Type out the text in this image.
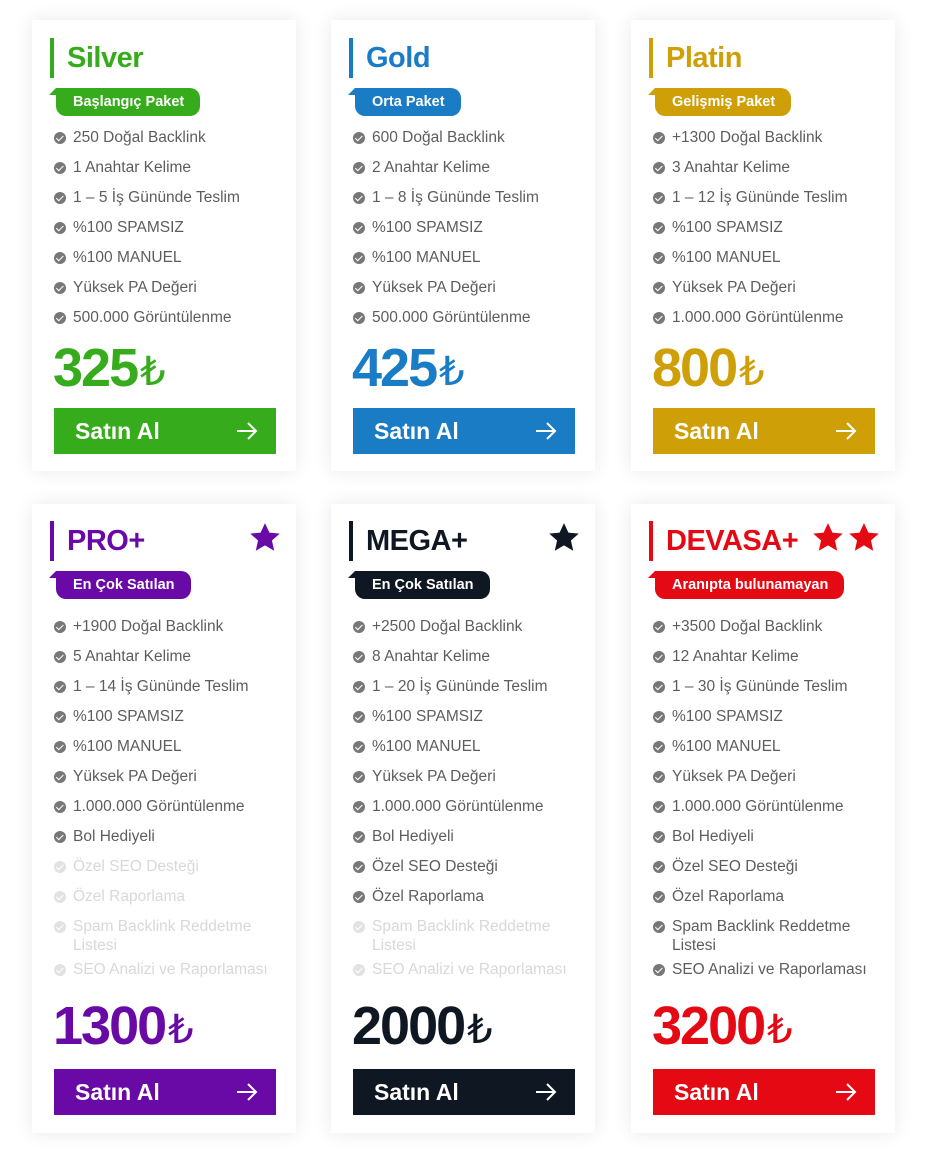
Silver
Başlangıç Paket
250 Doğal Backlink
1 Anahtar Kelime
1 – 5 İş Gününde Teslim
%100 SPAMSIZ
%100 MANUEL
Yüksek PA Değeri
500.000 Görüntülenme
325 ₺
Satın Al
Gold
Orta Paket
600 Doğal Backlink
2 Anahtar Kelime
1 – 8 İş Gününde Teslim
%100 SPAMSIZ
%100 MANUEL
Yüksek PA Değeri
500.000 Görüntülenme
425 ₺
Satın Al
Platin
Gelişmiş Paket
+1300 Doğal Backlink
3 Anahtar Kelime
1 – 12 İş Gününde Teslim
%100 SPAMSIZ
%100 MANUEL
Yüksek PA Değeri
1.000.000 Görüntülenme
800 ₺
Satın Al
PRO+
En Çok Satılan
+1900 Doğal Backlink
5 Anahtar Kelime
1 – 14 İş Gününde Teslim
%100 SPAMSIZ
%100 MANUEL
Yüksek PA Değeri
1.000.000 Görüntülenme
Bol Hediyeli
Özel SEO Desteği
Özel Raporlama
Spam Backlink Reddetme Listesi
SEO Analizi ve Raporlaması
1300 ₺
Satın Al
MEGA+
En Çok Satılan
+2500 Doğal Backlink
8 Anahtar Kelime
1 – 20 İş Gününde Teslim
%100 SPAMSIZ
%100 MANUEL
Yüksek PA Değeri
1.000.000 Görüntülenme
Bol Hediyeli
Özel SEO Desteği
Özel Raporlama
Spam Backlink Reddetme Listesi
SEO Analizi ve Raporlaması
2000 ₺
Satın Al
DEVASA+
Aranıpta bulunamayan
+3500 Doğal Backlink
12 Anahtar Kelime
1 – 30 İş Gününde Teslim
%100 SPAMSIZ
%100 MANUEL
Yüksek PA Değeri
1.000.000 Görüntülenme
Bol Hediyeli
Özel SEO Desteği
Özel Raporlama
Spam Backlink Reddetme Listesi
SEO Analizi ve Raporlaması
3200 ₺
Satın Al
